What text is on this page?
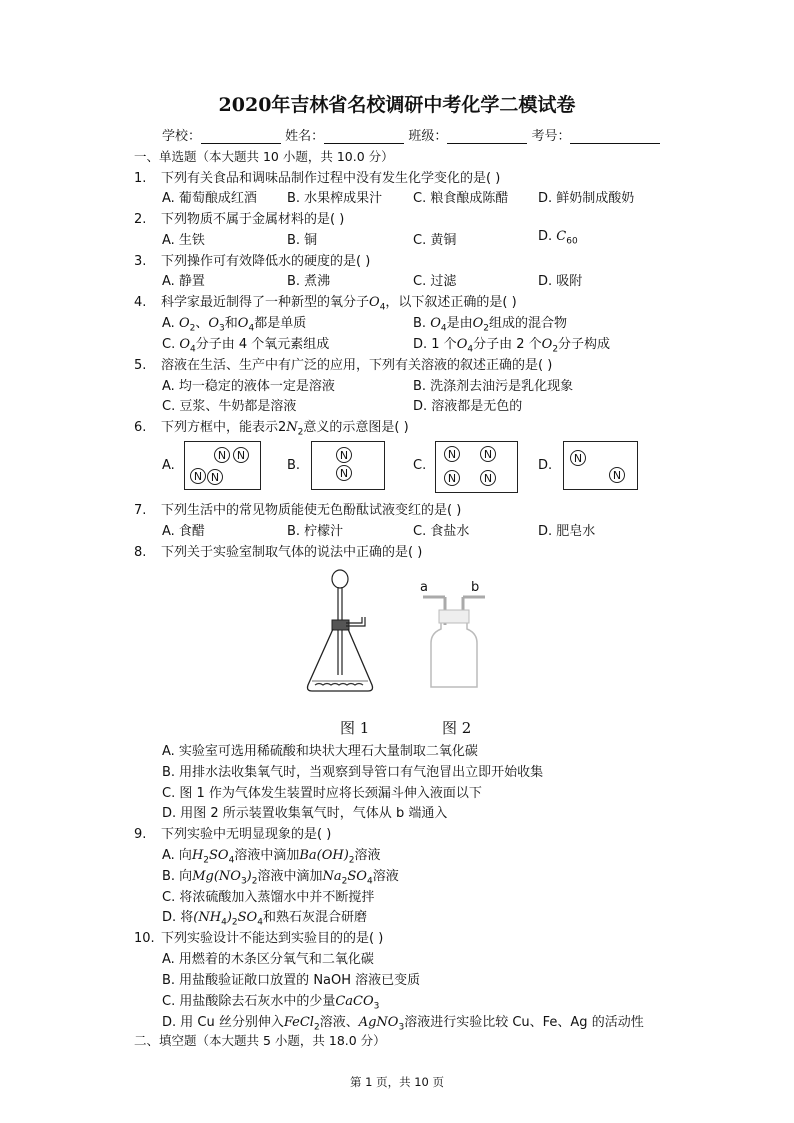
2020年吉林省名校调研中考化学二模试卷
学校：	姓名：	班级：	考号：
一、单选题（本大题共 10 小题，共 10.0 分）
1. 下列有关食品和调味品制作过程中没有发生化学变化的是( )
A. 葡萄酿成红酒 B. 水果榨成果汁 C. 粮食酿成陈醋 D. 鲜奶制成酸奶
2. 下列物质不属于金属材料的是( )
A. 生铁	B. 铜	C. 黄铜	D. $C_{60}$
3. 下列操作可有效降低水的硬度的是( )
A. 静置	B. 煮沸	C. 过滤	D. 吸附
4. 科学家最近制得了一种新型的氧分子$O_4$，以下叙述正确的是( )
A. $O_2$、$O_3$和$O_4$都是单质	B. $O_4$是由$O_2$组成的混合物
C. $O_4$分子由 4 个氧元素组成	D. 1 个$O_4$分子由 2 个$O_2$分子构成
5. 溶液在生活、生产中有广泛的应用，下列有关溶液的叙述正确的是( )
A. 均一稳定的液体一定是溶液	B. 洗涤剂去油污是乳化现象
C. 豆浆、牛奶都是溶液	D. 溶液都是无色的
6. 下列方框中，能表示$2N_2$意义的示意图是( )
A.
N N
N N
B.
N
N
C.
N
N
N
N
D.	N
N
7. 下列生活中的常见物质能使无色酚酞试液变红的是( )
A. 食醋	B. 柠檬汁	C. 食盐水	D. 肥皂水
8. 下列关于实验室制取气体的说法中正确的是( )
a	b
图 1	图 2
A. 实验室可选用稀硫酸和块状大理石大量制取二氧化碳
B. 用排水法收集氧气时，当观察到导管口有气泡冒出立即开始收集
C. 图 1 作为气体发生装置时应将长颈漏斗伸入液面以下
D. 用图 2 所示装置收集氧气时，气体从 b 端通入
9. 下列实验中无明显现象的是( )
A. 向$H_2SO_4$溶液中滴加$Ba(OH)_2$溶液
B. 向$Mg(NO_3)_2$溶液中滴加$Na_2SO_4$溶液
C. 将浓硫酸加入蒸馏水中并不断搅拌
D. 将$(NH_4)_2SO_4$和熟石灰混合研磨
10. 下列实验设计不能达到实验目的的是( )
A. 用燃着的木条区分氧气和二氧化碳
B. 用盐酸验证敞口放置的 NaOH 溶液已变质
C. 用盐酸除去石灰水中的少量CaCO$_3$
D. 用 Cu 丝分别伸入FeCl$_2$溶液、AgNO$_3$溶液进行实验比较 Cu、Fe、Ag 的活动性
二、填空题（本大题共 5 小题，共 18.0 分）
第 1 页，共 10 页
